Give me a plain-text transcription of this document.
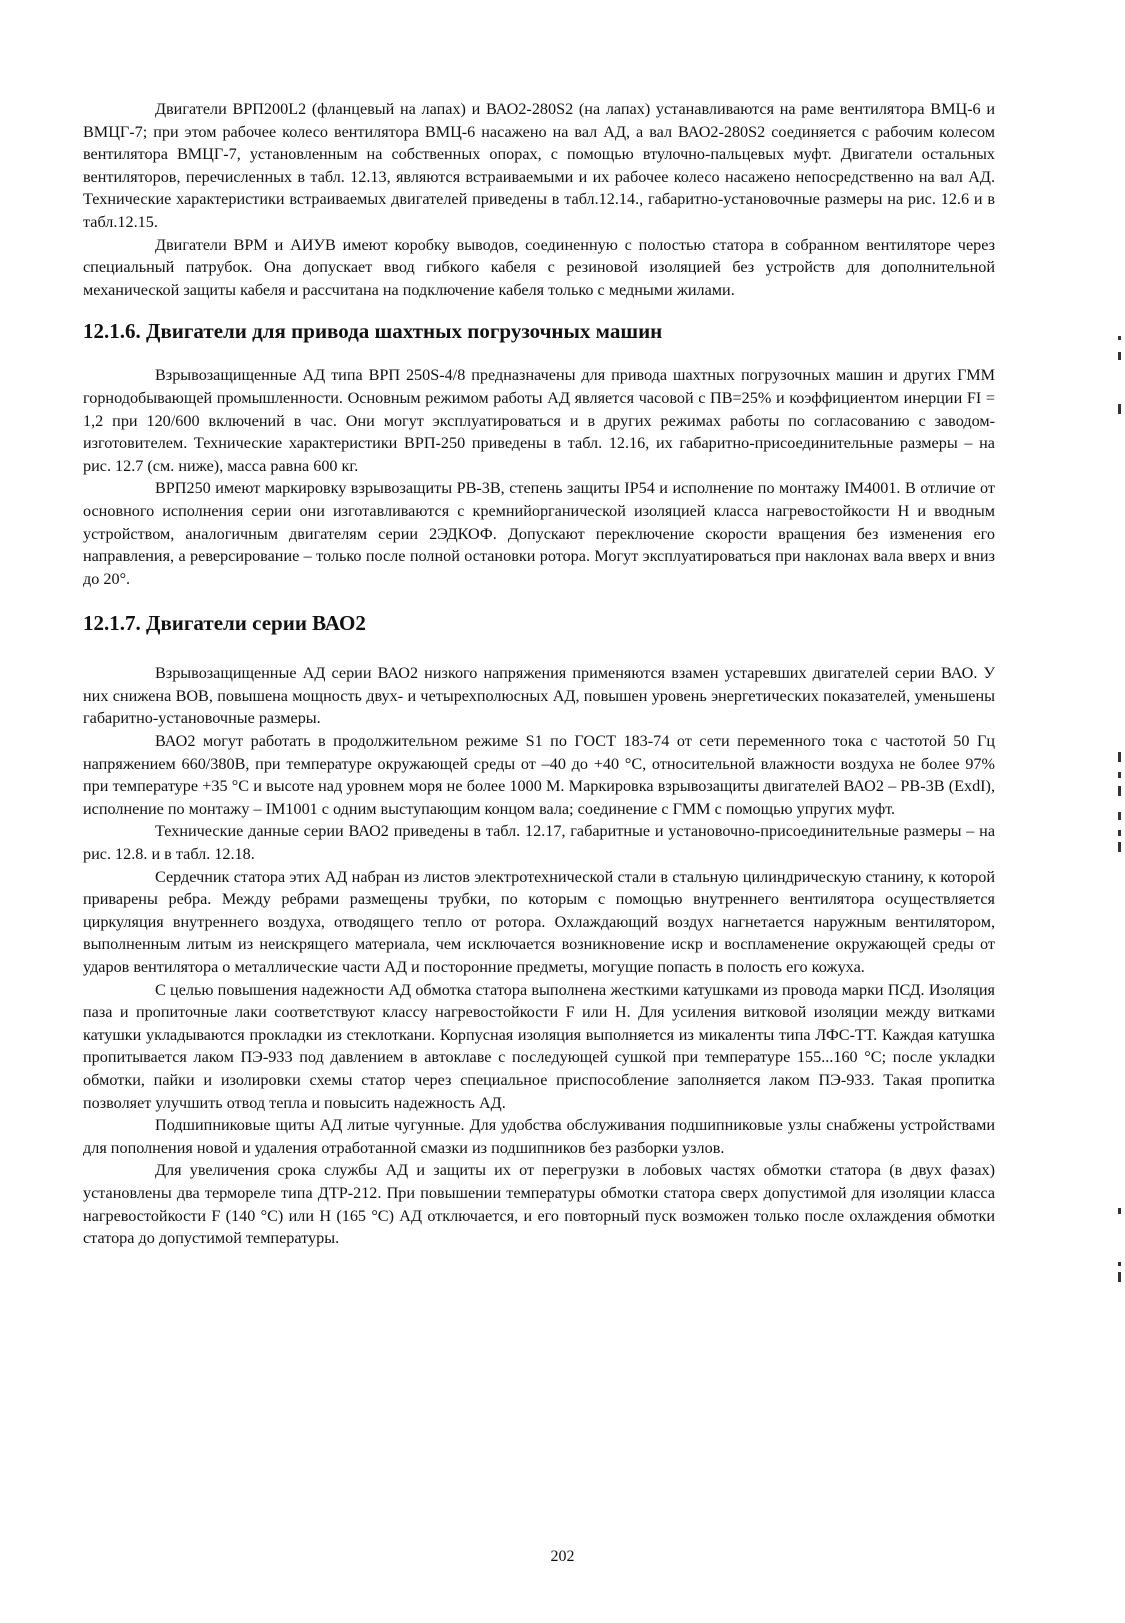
Двигатели ВРП200L2 (фланцевый на лапах) и ВАО2-280S2 (на лапах) устанавливаются на раме вентилятора ВМЦ-6 и ВМЦГ-7; при этом рабочее колесо вентилятора ВМЦ-6 насажено на вал АД, а вал ВАО2-280S2 соединяется с рабочим колесом вентилятора ВМЦГ-7, установленным на собственных опорах, с помощью втулочно-пальцевых муфт. Двигатели остальных вентиляторов, перечисленных в табл. 12.13, являются встраиваемыми и их рабочее колесо насажено непосредственно на вал АД. Технические характеристики встраиваемых двигателей приведены в табл.12.14., габаритно-установочные размеры на рис. 12.6 и в табл.12.15.

Двигатели ВРМ и АИУВ имеют коробку выводов, соединенную с полостью статора в собранном вентиляторе через специальный патрубок. Она допускает ввод гибкого кабеля с резиновой изоляцией без устройств для дополнительной механической защиты кабеля и рассчитана на подключение кабеля только с медными жилами.

12.1.6. Двигатели для привода шахтных погрузочных машин

Взрывозащищенные АД типа ВРП 250S-4/8 предназначены для привода шахтных погрузочных машин и других ГММ горнодобывающей промышленности. Основным режимом работы АД является часовой с ПВ=25% и коэффициентом инерции FI = 1,2 при 120/600 включений в час. Они могут эксплуатироваться и в других режимах работы по согласованию с заводом-изготовителем. Технические характеристики ВРП-250 приведены в табл. 12.16, их габаритно-присоединительные размеры – на рис. 12.7 (см. ниже), масса равна 600 кг.

ВРП250 имеют маркировку взрывозащиты РВ-3В, степень защиты IP54 и исполнение по монтажу IM4001. В отличие от основного исполнения серии они изготавливаются с кремнийорганической изоляцией класса нагревостойкости Н и вводным устройством, аналогичным двигателям серии 2ЭДКОФ. Допускают переключение скорости вращения без изменения его направления, а реверсирование – только после полной остановки ротора. Могут эксплуатироваться при наклонах вала вверх и вниз до 20°.

12.1.7. Двигатели серии ВАО2

Взрывозащищенные АД серии ВАО2 низкого напряжения применяются взамен устаревших двигателей серии ВАО. У них снижена ВОВ, повышена мощность двух- и четырехполюсных АД, повышен уровень энергетических показателей, уменьшены габаритно-установочные размеры.

ВАО2 могут работать в продолжительном режиме S1 по ГОСТ 183-74 от сети переменного тока с частотой 50 Гц напряжением 660/380В, при температуре окружающей среды от –40 до +40 °С, относительной влажности воздуха не более 97% при температуре +35 °С и высоте над уровнем моря не более 1000 М. Маркировка взрывозащиты двигателей ВАО2 – РВ-3В (ExdI), исполнение по монтажу – IM1001 с одним выступающим концом вала; соединение с ГММ с помощью упругих муфт.

Технические данные серии ВАО2 приведены в табл. 12.17, габаритные и установочно-присоединительные размеры – на рис. 12.8. и в табл. 12.18.

Сердечник статора этих АД набран из листов электротехнической стали в стальную цилиндрическую станину, к которой приварены ребра. Между ребрами размещены трубки, по которым с помощью внутреннего вентилятора осуществляется циркуляция внутреннего воздуха, отводящего тепло от ротора. Охлаждающий воздух нагнетается наружным вентилятором, выполненным литым из неискрящего материала, чем исключается возникновение искр и воспламенение окружающей среды от ударов вентилятора о металлические части АД и посторонние предметы, могущие попасть в полость его кожуха.

С целью повышения надежности АД обмотка статора выполнена жесткими катушками из провода марки ПСД. Изоляция паза и пропиточные лаки соответствуют классу нагревостойкости F или Н. Для усиления витковой изоляции между витками катушки укладываются прокладки из стеклоткани. Корпусная изоляция выполняется из микаленты типа ЛФС-ТТ. Каждая катушка пропитывается лаком ПЭ-933 под давлением в автоклаве с последующей сушкой при температуре 155...160 °С; после укладки обмотки, пайки и изолировки схемы статор через специальное приспособление заполняется лаком ПЭ-933. Такая пропитка позволяет улучшить отвод тепла и повысить надежность АД.

Подшипниковые щиты АД литые чугунные. Для удобства обслуживания подшипниковые узлы снабжены устройствами для пополнения новой и удаления отработанной смазки из подшипников без разборки узлов.

Для увеличения срока службы АД и защиты их от перегрузки в лобовых частях обмотки статора (в двух фазах) установлены два термореле типа ДТР-212. При повышении температуры обмотки статора сверх допустимой для изоляции класса нагревостойкости F (140 °С) или Н (165 °С) АД отключается, и его повторный пуск возможен только после охлаждения обмотки статора до допустимой температуры.

202
